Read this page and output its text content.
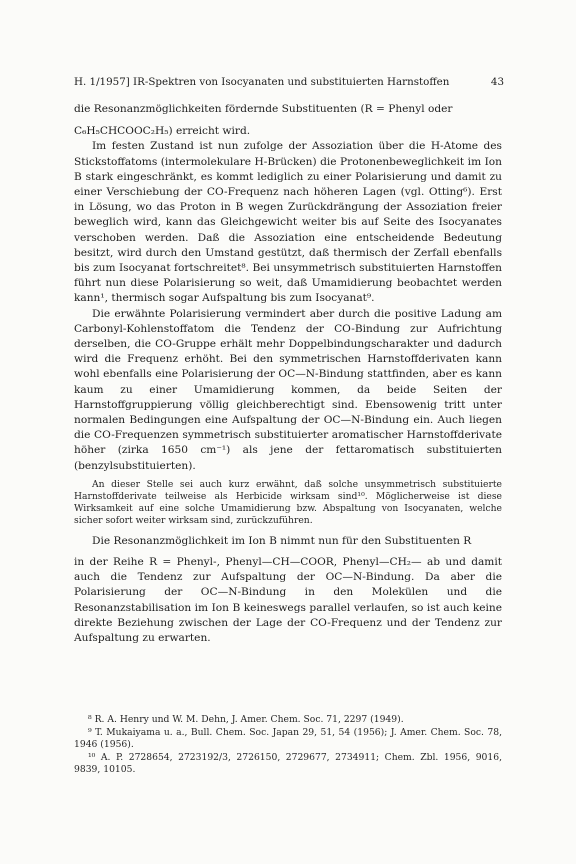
H. 1/1957] IR-Spektren von Isocyanaten und substituierten Harnstoffen	43

die Resonanzmöglichkeiten fördernde Substituenten (R = Phenyl oder

C₆H₅CHCOOC₂H₅) erreicht wird.

Im festen Zustand ist nun zufolge der Assoziation über die H-Atome des Stickstoffatoms (intermolekulare H-Brücken) die Protonenbeweglichkeit im Ion B stark eingeschränkt, es kommt lediglich zu einer Polarisierung und damit zu einer Verschiebung der CO-Frequenz nach höheren Lagen (vgl. Otting⁶). Erst in Lösung, wo das Proton in B wegen Zurückdrängung der Assoziation freier beweglich wird, kann das Gleichgewicht weiter bis auf Seite des Isocyanates verschoben werden. Daß die Assoziation eine entscheidende Bedeutung besitzt, wird durch den Umstand gestützt, daß thermisch der Zerfall ebenfalls bis zum Isocyanat fortschreitet⁸. Bei unsymmetrisch substituierten Harnstoffen führt nun diese Polarisierung so weit, daß Umamidierung beobachtet werden kann¹, thermisch sogar Aufspaltung bis zum Isocyanat⁹.

Die erwähnte Polarisierung vermindert aber durch die positive Ladung am Carbonyl-Kohlenstoffatom die Tendenz der CO-Bindung zur Aufrichtung derselben, die CO-Gruppe erhält mehr Doppelbindungscharakter und dadurch wird die Frequenz erhöht. Bei den symmetrischen Harnstoffderivaten kann wohl ebenfalls eine Polarisierung der OC—N-Bindung stattfinden, aber es kann kaum zu einer Umamidierung kommen, da beide Seiten der Harnstoffgruppierung völlig gleichberechtigt sind. Ebensowenig tritt unter normalen Bedingungen eine Aufspaltung der OC—N-Bindung ein. Auch liegen die CO-Frequenzen symmetrisch substituierter aromatischer Harnstoffderivate höher (zirka 1650 cm⁻¹) als jene der fettaromatisch substituierten (benzylsubstituierten).

An dieser Stelle sei auch kurz erwähnt, daß solche unsymmetrisch substituierte Harnstoffderivate teilweise als Herbicide wirksam sind¹⁰. Möglicherweise ist diese Wirksamkeit auf eine solche Umamidierung bzw. Abspaltung von Isocyanaten, welche sicher sofort weiter wirksam sind, zurückzuführen.

Die Resonanzmöglichkeit im Ion B nimmt nun für den Substituenten R

in der Reihe R = Phenyl-, Phenyl—CH—COOR, Phenyl—CH₂— ab und damit auch die Tendenz zur Aufspaltung der OC—N-Bindung. Da aber die Polarisierung der OC—N-Bindung in den Molekülen und die Resonanzstabilisation im Ion B keineswegs parallel verlaufen, so ist auch keine direkte Beziehung zwischen der Lage der CO-Frequenz und der Tendenz zur Aufspaltung zu erwarten.

⁸ R. A. Henry und W. M. Dehn, J. Amer. Chem. Soc. 71, 2297 (1949).

⁹ T. Mukaiyama u. a., Bull. Chem. Soc. Japan 29, 51, 54 (1956); J. Amer. Chem. Soc. 78, 1946 (1956).

¹⁰ A. P. 2728654, 2723192/3, 2726150, 2729677, 2734911; Chem. Zbl. 1956, 9016, 9839, 10105.
